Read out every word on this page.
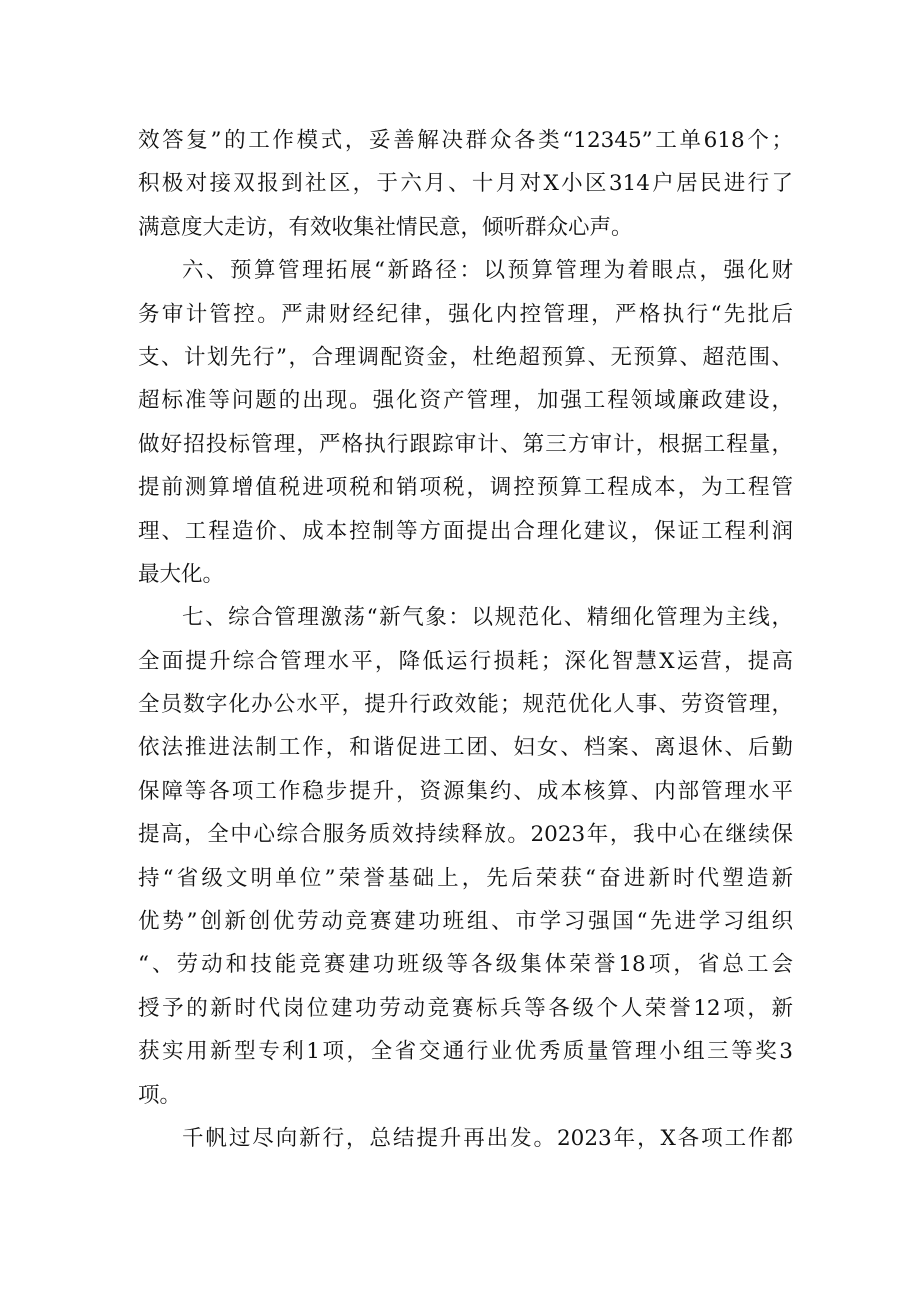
效答复”的工作模式，妥善解决群众各类“12345”工单618个；
积极对接双报到社区，于六月、十月对X小区314户居民进行了
满意度大走访，有效收集社情民意，倾听群众心声。
六、预算管理拓展“新路径：以预算管理为着眼点，强化财
务审计管控。严肃财经纪律，强化内控管理，严格执行“先批后
支、计划先行”，合理调配资金，杜绝超预算、无预算、超范围、
超标准等问题的出现。强化资产管理，加强工程领域廉政建设，
做好招投标管理，严格执行跟踪审计、第三方审计，根据工程量，
提前测算增值税进项税和销项税，调控预算工程成本，为工程管
理、工程造价、成本控制等方面提出合理化建议，保证工程利润
最大化。
七、综合管理激荡“新气象：以规范化、精细化管理为主线，
全面提升综合管理水平，降低运行损耗；深化智慧X运营，提高
全员数字化办公水平，提升行政效能；规范优化人事、劳资管理，
依法推进法制工作，和谐促进工团、妇女、档案、离退休、后勤
保障等各项工作稳步提升，资源集约、成本核算、内部管理水平
提高，全中心综合服务质效持续释放。2023年，我中心在继续保
持“省级文明单位”荣誉基础上，先后荣获“奋进新时代塑造新
优势”创新创优劳动竞赛建功班组、市学习强国“先进学习组织
“、劳动和技能竞赛建功班级等各级集体荣誉18项，省总工会
授予的新时代岗位建功劳动竞赛标兵等各级个人荣誉12项，新
获实用新型专利1项，全省交通行业优秀质量管理小组三等奖3
项。
千帆过尽向新行，总结提升再出发。2023年，X各项工作都
